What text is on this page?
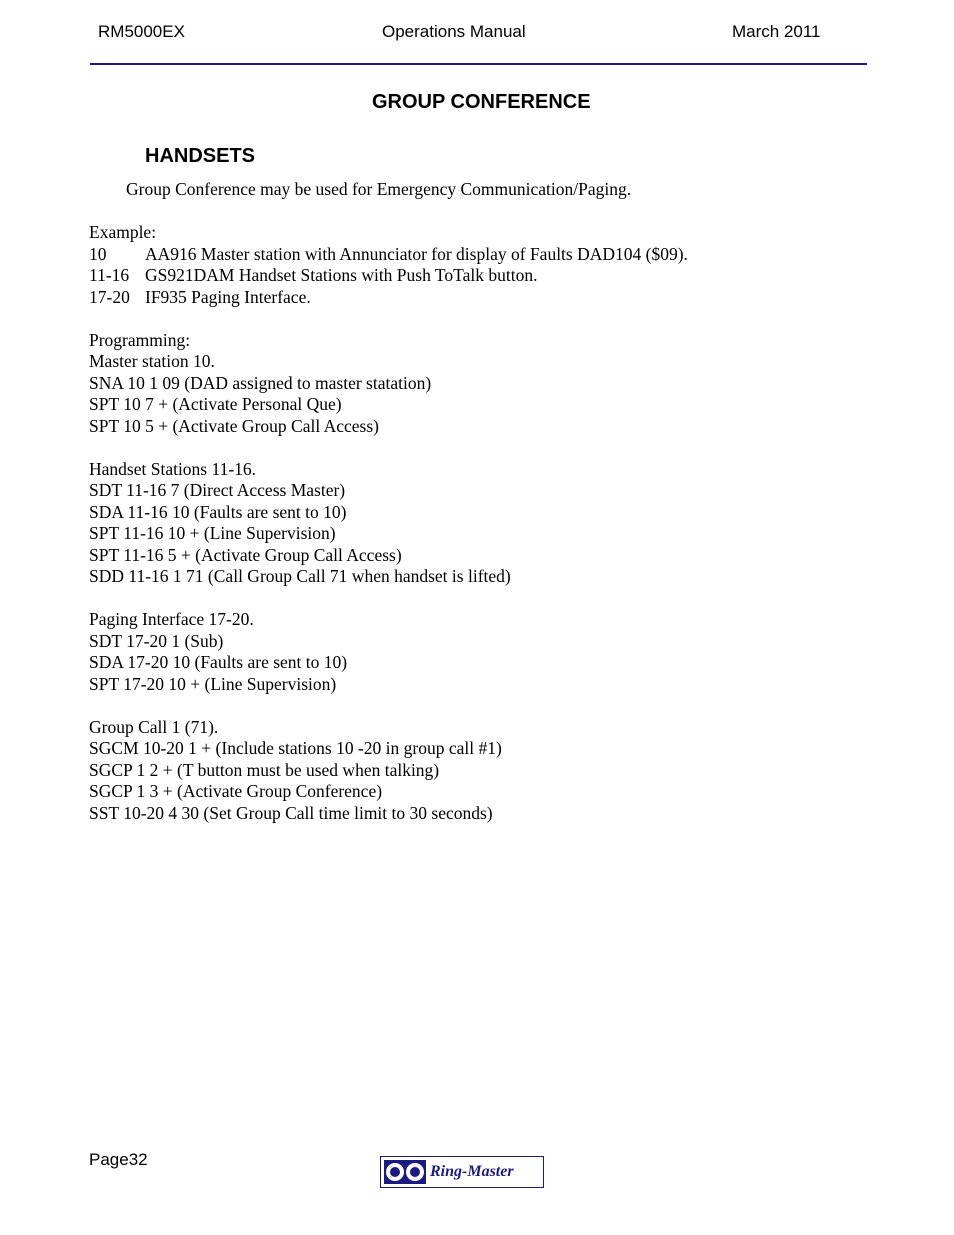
RM5000EX	Operations Manual	March 2011
GROUP CONFERENCE
HANDSETS
Group Conference may be used for Emergency Communication/Paging.
Example:
10 AA916 Master station with Annunciator for display of Faults DAD104 ($09).
11-16 GS921DAM Handset Stations with Push ToTalk button.
17-20 IF935 Paging Interface.
Programming:
Master station 10.
SNA 10 1 09 (DAD assigned to master statation)
SPT 10 7 + (Activate Personal Que)
SPT 10 5 + (Activate Group Call Access)
Handset Stations 11-16.
SDT 11-16 7 (Direct Access Master)
SDA 11-16 10 (Faults are sent to 10)
SPT 11-16 10 + (Line Supervision)
SPT 11-16 5 + (Activate Group Call Access)
SDD 11-16 1 71 (Call Group Call 71 when handset is lifted)
Paging Interface 17-20.
SDT 17-20 1 (Sub)
SDA 17-20 10 (Faults are sent to 10)
SPT 17-20 10 + (Line Supervision)
Group Call 1 (71).
SGCM 10-20 1 + (Include stations 10 -20 in group call #1)
SGCP 1 2 + (T button must be used when talking)
SGCP 1 3 + (Activate Group Conference)
SST 10-20 4 30 (Set Group Call time limit to 30 seconds)
Page32
Ring-Master
